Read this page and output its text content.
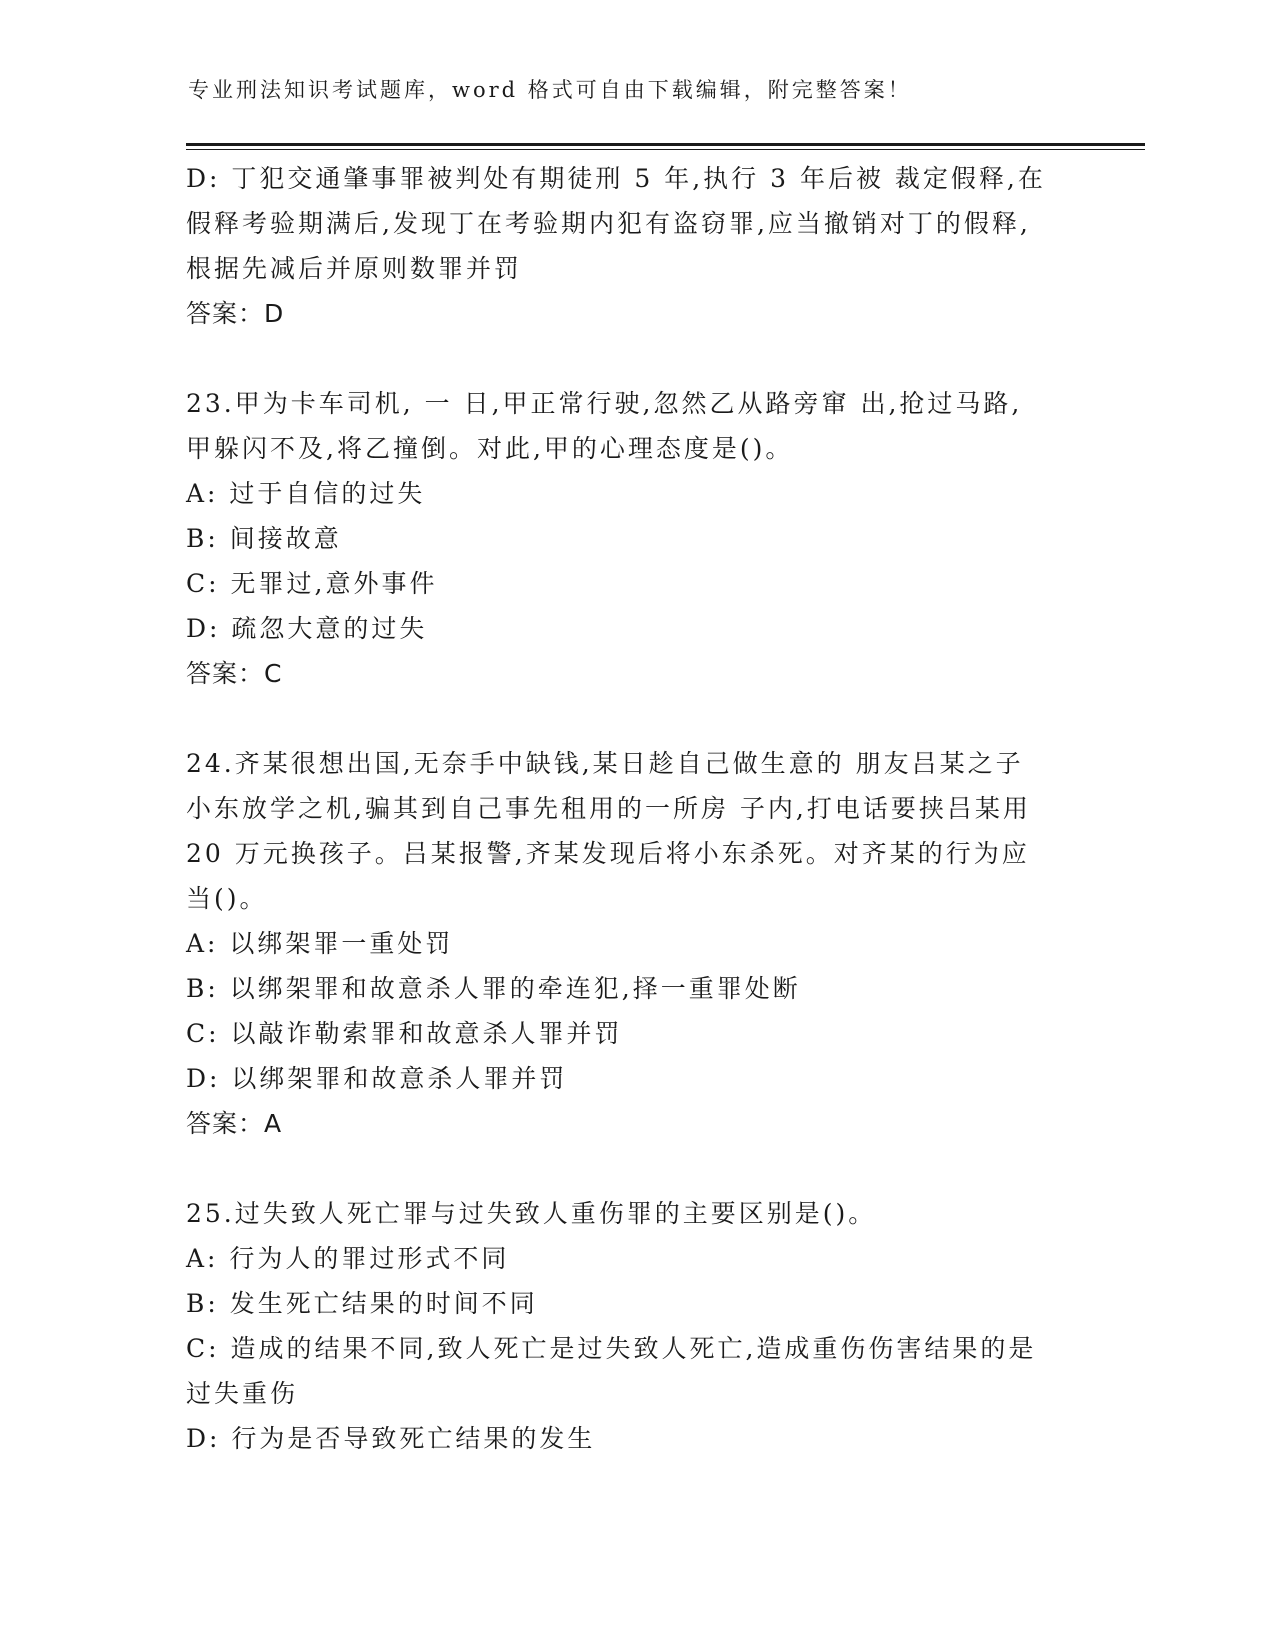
专业刑法知识考试题库，word 格式可自由下载编辑，附完整答案！
D: 丁犯交通肇事罪被判处有期徒刑 5 年,执行 3 年后被 裁定假释,在
假释考验期满后,发现丁在考验期内犯有盗窃罪,应当撤销对丁的假释,
根据先减后并原则数罪并罚
答案：D
23.甲为卡车司机, 一 日,甲正常行驶,忽然乙从路旁窜 出,抢过马路,
甲躲闪不及,将乙撞倒。对此,甲的心理态度是()。
A: 过于自信的过失
B: 间接故意
C: 无罪过,意外事件
D: 疏忽大意的过失
答案：C
24.齐某很想出国,无奈手中缺钱,某日趁自己做生意的 朋友吕某之子
小东放学之机,骗其到自己事先租用的一所房 子内,打电话要挟吕某用
20 万元换孩子。吕某报警,齐某发现后将小东杀死。对齐某的行为应
当()。
A: 以绑架罪一重处罚
B: 以绑架罪和故意杀人罪的牵连犯,择一重罪处断
C: 以敲诈勒索罪和故意杀人罪并罚
D: 以绑架罪和故意杀人罪并罚
答案：A
25.过失致人死亡罪与过失致人重伤罪的主要区别是()。
A: 行为人的罪过形式不同
B: 发生死亡结果的时间不同
C: 造成的结果不同,致人死亡是过失致人死亡,造成重伤伤害结果的是
过失重伤
D: 行为是否导致死亡结果的发生
